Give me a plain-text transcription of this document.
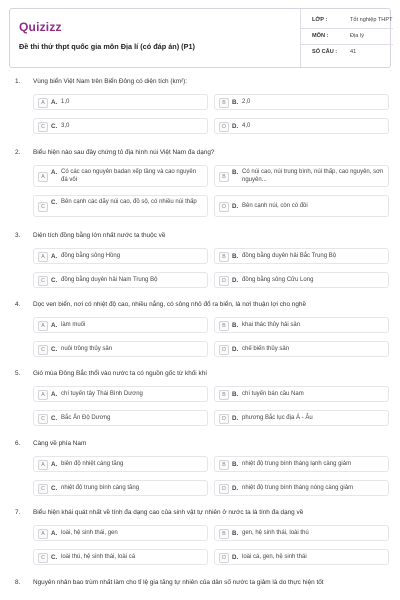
Quizizz
Đề thi thử thpt quốc gia môn Địa lí (có đáp án) (P1)
LỚP :	Tốt nghiệp THPT
MÔN :	Địa lý
SỐ CÂU : 41
1. Vùng biển Việt Nam trên Biển Đông có diện tích (km²):
A	A. 1,0	B	B. 2,0
C C. 3,0	D D. 4,0
2. Biểu hiện nào sau đây chứng tỏ địa hình núi Việt Nam đa dạng?
A
A. Có các cao nguyên badan xếp tầng và cao nguyên đá vôi
B
B. Có núi cao, núi trung bình, núi thấp, cao nguyên, sơn nguyên...
C
C. Bên cạnh các dãy núi cao, đồ sộ, có nhiều núi thấp
D D. Bên cạnh núi, còn có đồi
3. Diện tích đồng bằng lớn nhất nước ta thuộc về
A	A. đồng bằng sông Hồng	B	B. đồng bằng duyên hải Bắc Trung Bộ
C C. đồng bằng duyên hải Nam Trung Bộ	D D. đồng bằng sông Cửu Long
4. Dọc ven biển, nơi có nhiệt độ cao, nhiều nắng, có sông nhỏ đổ ra biển, là nơi thuận lợi cho nghề
A	A. làm muối	B	B. khai thác thủy hải sản
C C. nuôi trồng thủy sản	D D. chế biến thủy sản
5. Gió mùa Đông Bắc thổi vào nước ta có nguồn gốc từ khối khí
A	A. chí tuyến tây Thái Bình Dương	B	B. chí tuyến bán cầu Nam
C C. Bắc Ấn Độ Dương	D D. phương Bắc lục địa Á - Âu
6. Càng về phía Nam
A	A. biên độ nhiệt càng tăng	B	B. nhiệt độ trung bình tháng lạnh càng giảm
C C. nhiệt độ trung bình càng tăng	D D. nhiệt độ trung bình tháng nóng càng giảm
7. Biểu hiện khái quát nhất về tính đa dạng cao của sinh vật tự nhiên ở nước ta là tính đa dạng về
A	A. loài, hệ sinh thái, gen	B	B. gen, hệ sinh thái, loài thú
C C. loài thú, hệ sinh thái, loài cá	D D. loài cá, gen, hệ sinh thái
8. Nguyên nhân bao trùm nhất làm cho tỉ lệ gia tăng tự nhiên của dân số nước ta giảm là do thực hiện tốt
